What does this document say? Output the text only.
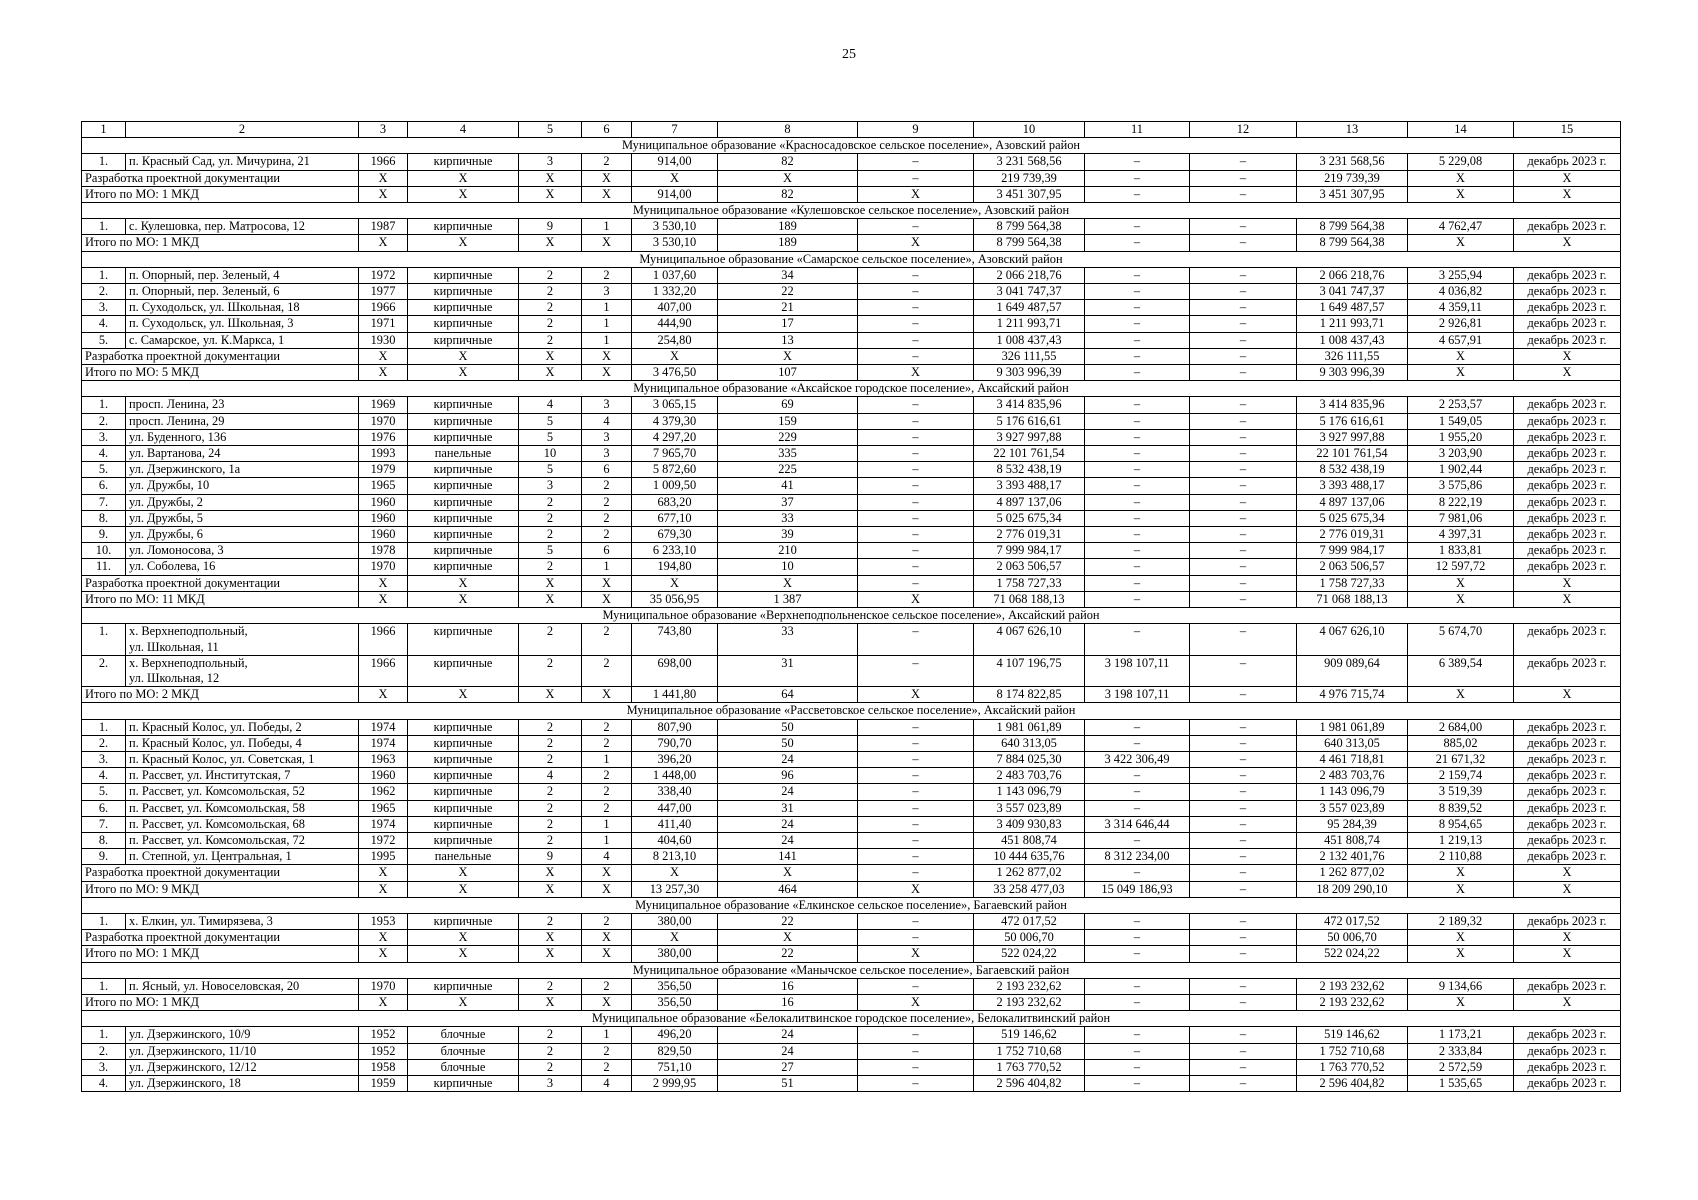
25
1	2	3	4	5	6	7	8	9	10	11	12	13	14	15
Муниципальное образование «Красносадовское сельское поселение», Азовский район														
1.	п. Красный Сад, ул. Мичурина, 21	1966	кирпичные	3	2	914,00	82	–	3 231 568,56	–	–	3 231 568,56	5 229,08	декабрь 2023 г.
Разработка проектной документации		X	X	X	X	X	X	–	219 739,39	–	–	219 739,39	X	X
Итого по МО: 1 МКД		X	X	X	X	914,00	82	X	3 451 307,95	–	–	3 451 307,95	X	X
Муниципальное образование «Кулешовское сельское поселение», Азовский район														
1.	с. Кулешовка, пер. Матросова, 12	1987	кирпичные	9	1	3 530,10	189	–	8 799 564,38	–	–	8 799 564,38	4 762,47	декабрь 2023 г.
Итого по МО: 1 МКД		X	X	X	X	3 530,10	189	X	8 799 564,38	–	–	8 799 564,38	X	X
Муниципальное образование «Самарское сельское поселение», Азовский район														
1.	п. Опорный, пер. Зеленый, 4	1972	кирпичные	2	2	1 037,60	34	–	2 066 218,76	–	–	2 066 218,76	3 255,94	декабрь 2023 г.
2.	п. Опорный, пер. Зеленый, 6	1977	кирпичные	2	3	1 332,20	22	–	3 041 747,37	–	–	3 041 747,37	4 036,82	декабрь 2023 г.
3.	п. Суходольск, ул. Школьная, 18	1966	кирпичные	2	1	407,00	21	–	1 649 487,57	–	–	1 649 487,57	4 359,11	декабрь 2023 г.
4.	п. Суходольск, ул. Школьная, 3	1971	кирпичные	2	1	444,90	17	–	1 211 993,71	–	–	1 211 993,71	2 926,81	декабрь 2023 г.
5.	с. Самарское, ул. К.Маркса, 1	1930	кирпичные	2	1	254,80	13	–	1 008 437,43	–	–	1 008 437,43	4 657,91	декабрь 2023 г.
Разработка проектной документации		X	X	X	X	X	X	–	326 111,55	–	–	326 111,55	X	X
Итого по МО: 5 МКД		X	X	X	X	3 476,50	107	X	9 303 996,39	–	–	9 303 996,39	X	X
Муниципальное образование «Аксайское городское поселение», Аксайский район														
1.	просп. Ленина, 23	1969	кирпичные	4	3	3 065,15	69	–	3 414 835,96	–	–	3 414 835,96	2 253,57	декабрь 2023 г.
2.	просп. Ленина, 29	1970	кирпичные	5	4	4 379,30	159	–	5 176 616,61	–	–	5 176 616,61	1 549,05	декабрь 2023 г.
3.	ул. Буденного, 136	1976	кирпичные	5	3	4 297,20	229	–	3 927 997,88	–	–	3 927 997,88	1 955,20	декабрь 2023 г.
4.	ул. Вартанова, 24	1993	панельные	10	3	7 965,70	335	–	22 101 761,54	–	–	22 101 761,54	3 203,90	декабрь 2023 г.
5.	ул. Дзержинского, 1а	1979	кирпичные	5	6	5 872,60	225	–	8 532 438,19	–	–	8 532 438,19	1 902,44	декабрь 2023 г.
6.	ул. Дружбы, 10	1965	кирпичные	3	2	1 009,50	41	–	3 393 488,17	–	–	3 393 488,17	3 575,86	декабрь 2023 г.
7.	ул. Дружбы, 2	1960	кирпичные	2	2	683,20	37	–	4 897 137,06	–	–	4 897 137,06	8 222,19	декабрь 2023 г.
8.	ул. Дружбы, 5	1960	кирпичные	2	2	677,10	33	–	5 025 675,34	–	–	5 025 675,34	7 981,06	декабрь 2023 г.
9.	ул. Дружбы, 6	1960	кирпичные	2	2	679,30	39	–	2 776 019,31	–	–	2 776 019,31	4 397,31	декабрь 2023 г.
10.	ул. Ломоносова, 3	1978	кирпичные	5	6	6 233,10	210	–	7 999 984,17	–	–	7 999 984,17	1 833,81	декабрь 2023 г.
11.	ул. Соболева, 16	1970	кирпичные	2	1	194,80	10	–	2 063 506,57	–	–	2 063 506,57	12 597,72	декабрь 2023 г.
Разработка проектной документации		X	X	X	X	X	X	–	1 758 727,33	–	–	1 758 727,33	X	X
Итого по МО: 11 МКД		X	X	X	X	35 056,95	1 387	X	71 068 188,13	–	–	71 068 188,13	X	X
Муниципальное образование «Верхнеподпольненское сельское поселение», Аксайский район														
1.	х. Верхнеподпольный,
ул. Школьная, 11	1966	кирпичные	2	2	743,80	33	–	4 067 626,10	–	–	4 067 626,10	5 674,70	декабрь 2023 г.
2.	х. Верхнеподпольный,
ул. Школьная, 12	1966	кирпичные	2	2	698,00	31	–	4 107 196,75	3 198 107,11	–	909 089,64	6 389,54	декабрь 2023 г.
Итого по МО: 2 МКД		X	X	X	X	1 441,80	64	X	8 174 822,85	3 198 107,11	–	4 976 715,74	X	X
Муниципальное образование «Рассветовское сельское поселение», Аксайский район														
1.	п. Красный Колос, ул. Победы, 2	1974	кирпичные	2	2	807,90	50	–	1 981 061,89	–	–	1 981 061,89	2 684,00	декабрь 2023 г.
2.	п. Красный Колос, ул. Победы, 4	1974	кирпичные	2	2	790,70	50	–	640 313,05	–	–	640 313,05	885,02	декабрь 2023 г.
3.	п. Красный Колос, ул. Советская, 1	1963	кирпичные	2	1	396,20	24	–	7 884 025,30	3 422 306,49	–	4 461 718,81	21 671,32	декабрь 2023 г.
4.	п. Рассвет, ул. Институтская, 7	1960	кирпичные	4	2	1 448,00	96	–	2 483 703,76	–	–	2 483 703,76	2 159,74	декабрь 2023 г.
5.	п. Рассвет, ул. Комсомольская, 52	1962	кирпичные	2	2	338,40	24	–	1 143 096,79	–	–	1 143 096,79	3 519,39	декабрь 2023 г.
6.	п. Рассвет, ул. Комсомольская, 58	1965	кирпичные	2	2	447,00	31	–	3 557 023,89	–	–	3 557 023,89	8 839,52	декабрь 2023 г.
7.	п. Рассвет, ул. Комсомольская, 68	1974	кирпичные	2	1	411,40	24	–	3 409 930,83	3 314 646,44	–	95 284,39	8 954,65	декабрь 2023 г.
8.	п. Рассвет, ул. Комсомольская, 72	1972	кирпичные	2	1	404,60	24	–	451 808,74	–	–	451 808,74	1 219,13	декабрь 2023 г.
9.	п. Степной, ул. Центральная, 1	1995	панельные	9	4	8 213,10	141	–	10 444 635,76	8 312 234,00	–	2 132 401,76	2 110,88	декабрь 2023 г.
Разработка проектной документации		X	X	X	X	X	X	–	1 262 877,02	–	–	1 262 877,02	X	X
Итого по МО: 9 МКД		X	X	X	X	13 257,30	464	X	33 258 477,03	15 049 186,93	–	18 209 290,10	X	X
Муниципальное образование «Елкинское сельское поселение», Багаевский район														
1.	х. Елкин, ул. Тимирязева, 3	1953	кирпичные	2	2	380,00	22	–	472 017,52	–	–	472 017,52	2 189,32	декабрь 2023 г.
Разработка проектной документации		X	X	X	X	X	X	–	50 006,70	–	–	50 006,70	X	X
Итого по МО: 1 МКД		X	X	X	X	380,00	22	X	522 024,22	–	–	522 024,22	X	X
Муниципальное образование «Манычское сельское поселение», Багаевский район														
1.	п. Ясный, ул. Новоселовская, 20	1970	кирпичные	2	2	356,50	16	–	2 193 232,62	–	–	2 193 232,62	9 134,66	декабрь 2023 г.
Итого по МО: 1 МКД		X	X	X	X	356,50	16	X	2 193 232,62	–	–	2 193 232,62	X	X
Муниципальное образование «Белокалитвинское городское поселение», Белокалитвинский район														
1.	ул. Дзержинского, 10/9	1952	блочные	2	1	496,20	24	–	519 146,62	–	–	519 146,62	1 173,21	декабрь 2023 г.
2.	ул. Дзержинского, 11/10	1952	блочные	2	2	829,50	24	–	1 752 710,68	–	–	1 752 710,68	2 333,84	декабрь 2023 г.
3.	ул. Дзержинского, 12/12	1958	блочные	2	2	751,10	27	–	1 763 770,52	–	–	1 763 770,52	2 572,59	декабрь 2023 г.
4.	ул. Дзержинского, 18	1959	кирпичные	3	4	2 999,95	51	–	2 596 404,82	–	–	2 596 404,82	1 535,65	декабрь 2023 г.
